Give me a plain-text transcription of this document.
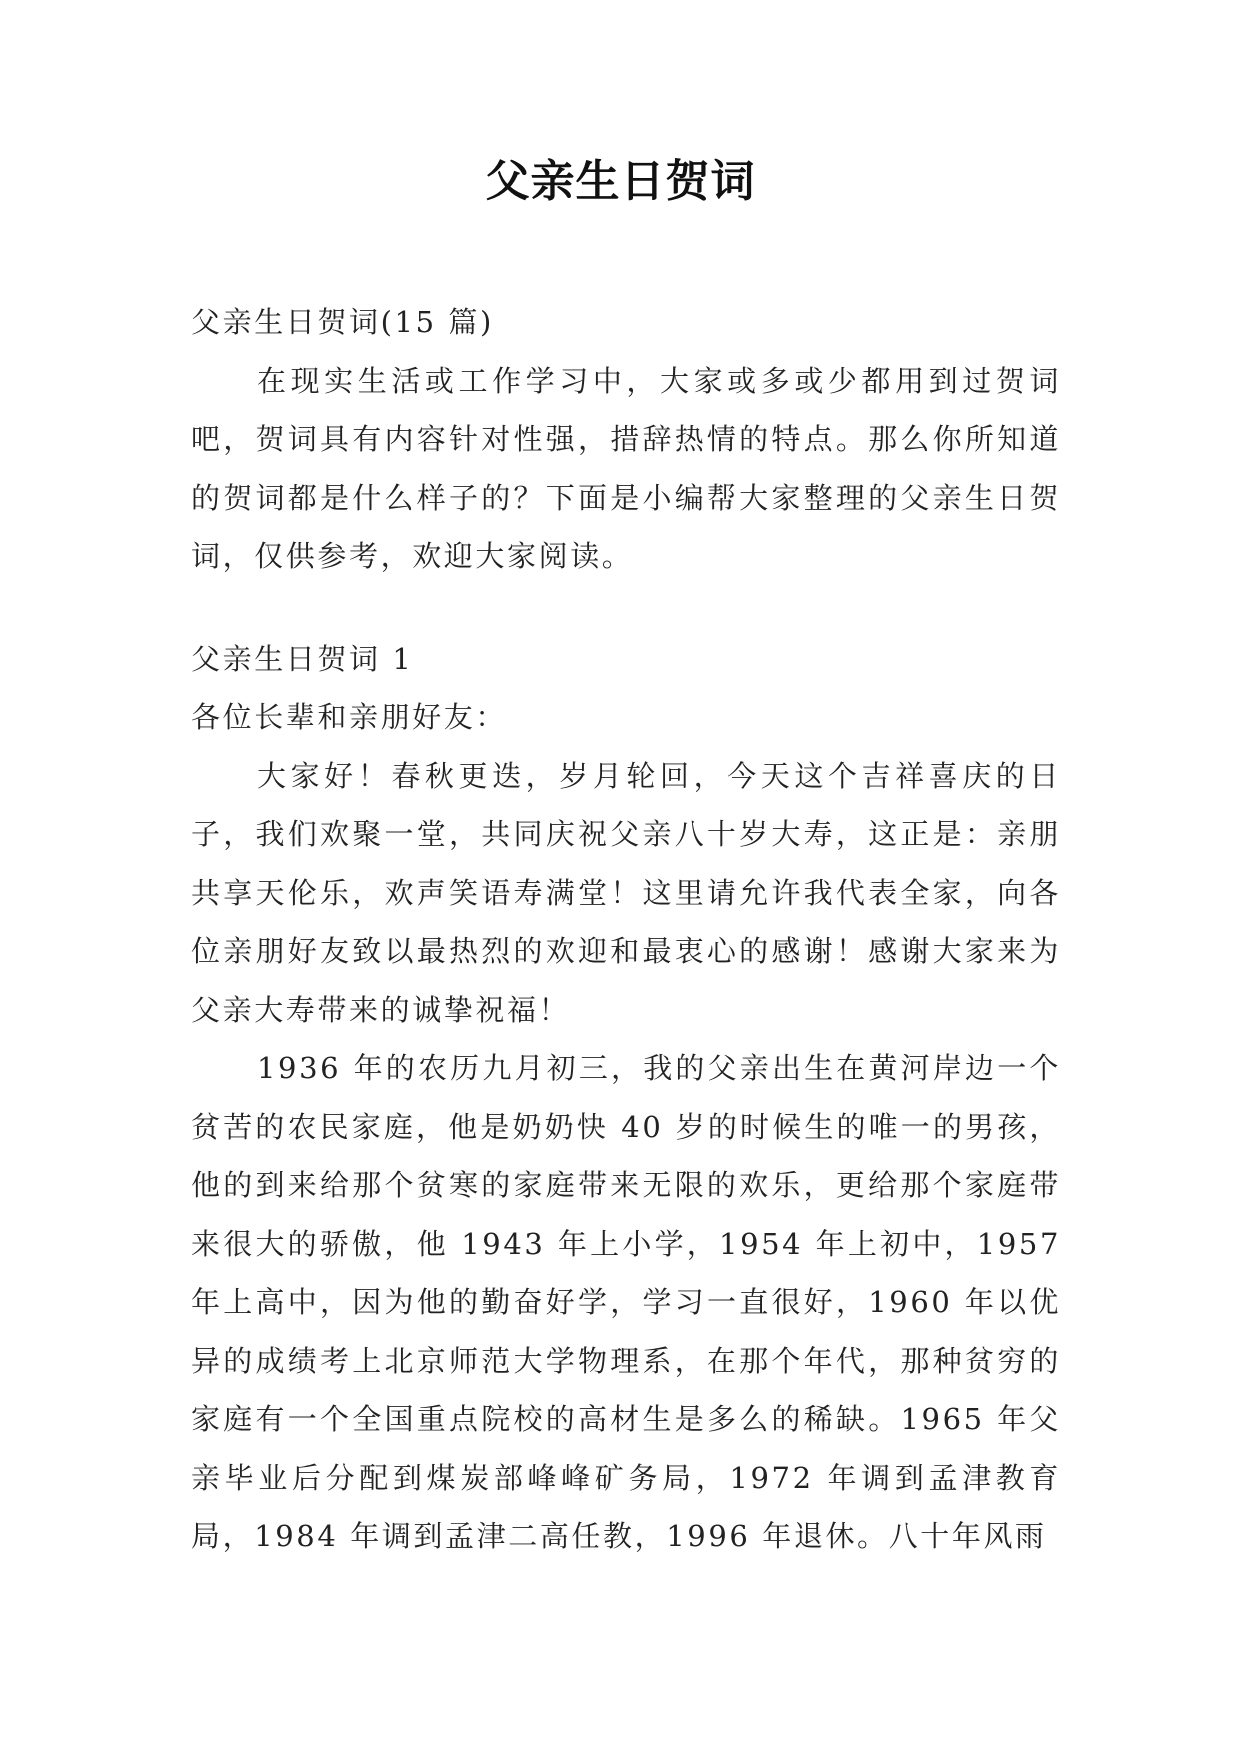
父亲生日贺词

父亲生日贺词(15 篇)

在现实生活或工作学习中，大家或多或少都用到过贺词吧，贺词具有内容针对性强，措辞热情的特点。那么你所知道的贺词都是什么样子的？下面是小编帮大家整理的父亲生日贺词，仅供参考，欢迎大家阅读。

父亲生日贺词 1

各位长辈和亲朋好友：

大家好！春秋更迭，岁月轮回，今天这个吉祥喜庆的日子，我们欢聚一堂，共同庆祝父亲八十岁大寿，这正是：亲朋共享天伦乐，欢声笑语寿满堂！这里请允许我代表全家，向各位亲朋好友致以最热烈的欢迎和最衷心的感谢！感谢大家来为父亲大寿带来的诚挚祝福！

1936 年的农历九月初三，我的父亲出生在黄河岸边一个贫苦的农民家庭，他是奶奶快 40 岁的时候生的唯一的男孩，他的到来给那个贫寒的家庭带来无限的欢乐，更给那个家庭带来很大的骄傲，他 1943 年上小学，1954 年上初中，1957 年上高中，因为他的勤奋好学，学习一直很好，1960 年以优异的成绩考上北京师范大学物理系，在那个年代，那种贫穷的家庭有一个全国重点院校的高材生是多么的稀缺。1965 年父亲毕业后分配到煤炭部峰峰矿务局，1972 年调到孟津教育局，1984 年调到孟津二高任教，1996 年退休。八十年风雨
